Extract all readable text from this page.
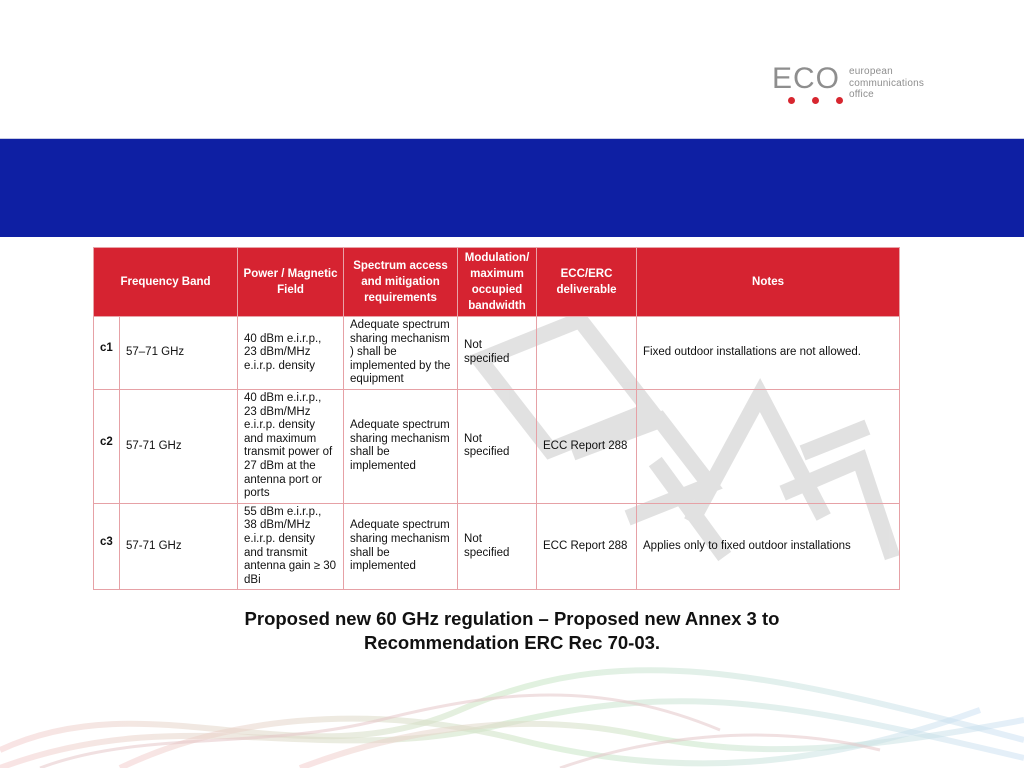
ECO european
communications
office
Frequency Band		Power / Magnetic Field	Spectrum access and mitigation requirements	Modulation/ maximum occupied bandwidth	ECC/ERC deliverable	Notes
c1	57–71 GHz	40 dBm e.i.r.p., 23 dBm/MHz e.i.r.p. density	Adequate spectrum sharing mechanism ) shall be implemented by the equipment	Not specified		Fixed outdoor installations are not allowed.
c2	57-71 GHz	40 dBm e.i.r.p., 23 dBm/MHz e.i.r.p. density and maximum transmit power of 27 dBm at the antenna port or ports	Adequate spectrum sharing mechanism shall be implemented	Not specified	ECC Report 288	
c3	57-71 GHz	55 dBm e.i.r.p., 38 dBm/MHz e.i.r.p. density and transmit antenna gain ≥ 30 dBi	Adequate spectrum sharing mechanism shall be implemented	Not specified	ECC Report 288	Applies only to fixed outdoor installations
Proposed new 60 GHz regulation – Proposed new Annex 3 to
Recommendation ERC Rec 70-03.
